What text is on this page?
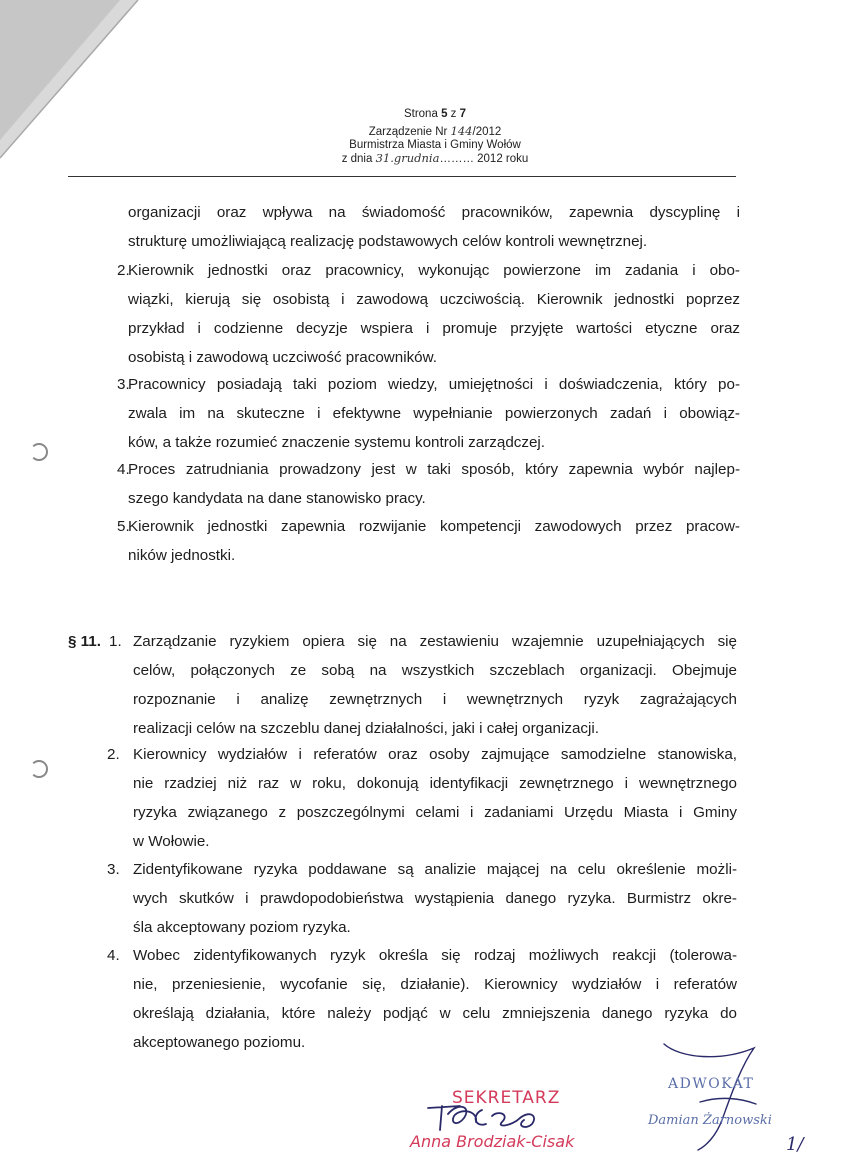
Strona 5 z 7
Zarządzenie Nr 144/2012
Burmistrza Miasta i Gminy Wołów
z dnia 31.grudnia……… 2012 roku
organizacji oraz wpływa na świadomość pracowników, zapewnia dyscyplinę i
strukturę umożliwiającą realizację podstawowych celów kontroli wewnętrznej.
2.
Kierownik jednostki oraz pracownicy, wykonując powierzone im zadania i obo-
wiązki, kierują się osobistą i zawodową uczciwością. Kierownik jednostki poprzez
przykład i codzienne decyzje wspiera i promuje przyjęte wartości etyczne oraz
osobistą i zawodową uczciwość pracowników.
3.
Pracownicy posiadają taki poziom wiedzy, umiejętności i doświadczenia, który po-
zwala im na skuteczne i efektywne wypełnianie powierzonych zadań i obowiąz-
ków, a także rozumieć znaczenie systemu kontroli zarządczej.
4.
Proces zatrudniania prowadzony jest w taki sposób, który zapewnia wybór najlep-
szego kandydata na dane stanowisko pracy.
5.
Kierownik jednostki zapewnia rozwijanie kompetencji zawodowych przez pracow-
ników jednostki.
§ 11. 1. Zarządzanie ryzykiem opiera się na zestawieniu wzajemnie uzupełniających się
celów, połączonych ze sobą na wszystkich szczeblach organizacji. Obejmuje
rozpoznanie i analizę zewnętrznych i wewnętrznych ryzyk zagrażających
realizacji celów na szczeblu danej działalności, jaki i całej organizacji.
2. Kierownicy wydziałów i referatów oraz osoby zajmujące samodzielne stanowiska,
nie rzadziej niż raz w roku, dokonują identyfikacji zewnętrznego i wewnętrznego
ryzyka związanego z poszczególnymi celami i zadaniami Urzędu Miasta i Gminy
w Wołowie.
3. Zidentyfikowane ryzyka poddawane są analizie mającej na celu określenie możli-
wych skutków i prawdopodobieństwa wystąpienia danego ryzyka. Burmistrz okre-
śla akceptowany poziom ryzyka.
4. Wobec zidentyfikowanych ryzyk określa się rodzaj możliwych reakcji (tolerowa-
nie, przeniesienie, wycofanie się, działanie). Kierownicy wydziałów i referatów
określają działania, które należy podjąć w celu zmniejszenia danego ryzyka do
akceptowanego poziomu.
SEKRETARZ
Anna Brodziak-Cisak
ADWOKAT
Damian Żarnowski
1/
